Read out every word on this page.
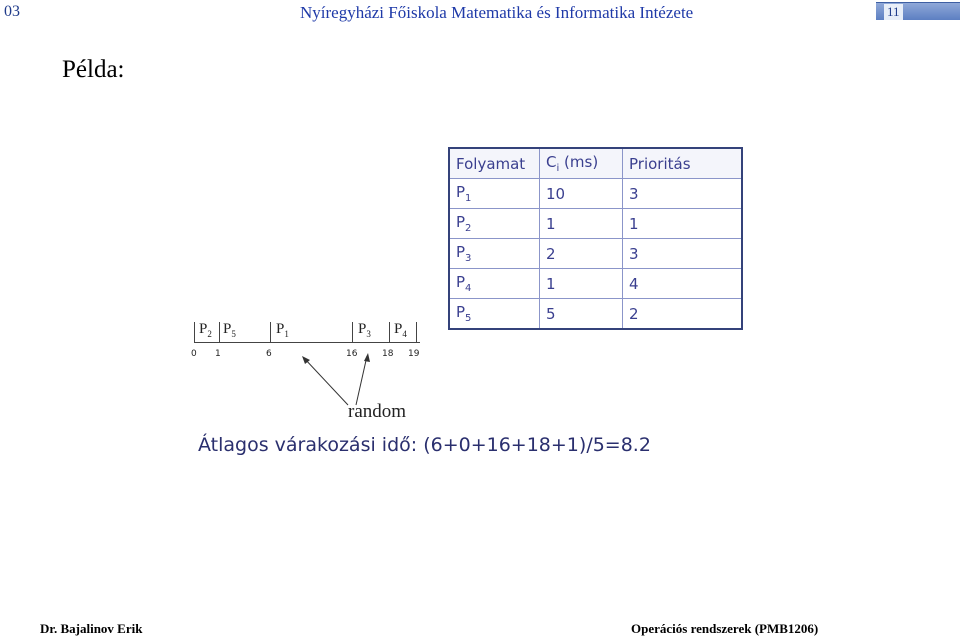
03	Nyíregyházi Főiskola Matematika és Informatika Intézete	11
Példa:
Folyamat	$C_i$ (ms)	Prioritás
$P_1$	10	3
$P_2$	1	1
$P_3$	2	3
$P_4$	1	4
$P_5$	5	2
$P_2$ $P_5$	$P_1$	$P_3$ $P_4$
0 1	6	16	18 19
random
Átlagos várakozási idő: (6+0+16+18+1)/5=8.2
Dr. Bajalinov Erik	Operációs rendszerek (PMB1206)
